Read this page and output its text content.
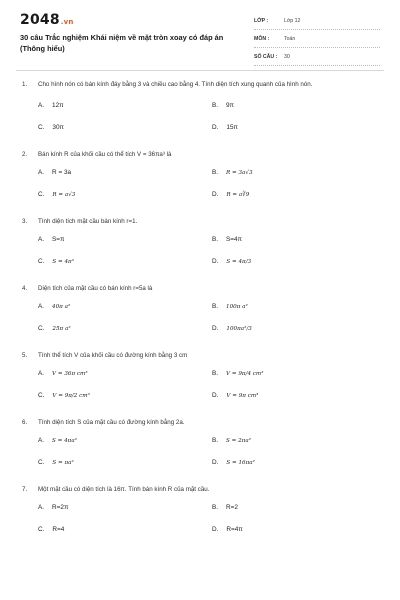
2048.vn
30 câu Trắc nghiệm Khái niệm về mặt tròn xoay có đáp án (Thông hiểu)
LỚP :	Lớp 12
MÔN :	Toán
SỐ CÂU : 30
1. Cho hình nón có bán kính đáy bằng 3 và chiều cao bằng 4. Tính diện tích xung quanh của hình nón.
A. 12π	B. 9π
C. 30π	D. 15π
2. Bán kính R của khối cầu có thể tích V = 36πa³ là
A. R = 3a	B. R = 3a√3
C. R = a√3	D. R = a∛9
3. Tính diện tích mặt cầu bán kính r=1.
A. S=π	B. S=4π
C. S = 4π²	D. S = 4π/3
4. Diện tích của mặt cầu có bán kính r=5a là
A. 40π a²	B. 100π a²
C. 25π a²	D. 100πa²/3
5. Tính thể tích V của khối cầu có đường kính bằng 3 cm
A. V = 36π cm³	B. V = 9π/4 cm³
C. V = 9π/2 cm³	D. V = 9π cm³
6. Tính diện tích S của mặt cầu có đường kính bằng 2a.
A. S = 4πa²	B. S = 2πa²
C. S = πa²	D. S = 16πa²
7. Một mặt cầu có diện tích là 16π. Tính bán kính R của mặt cầu.
A. R=2π	B. R=2
C. R=4	D. R=4π
